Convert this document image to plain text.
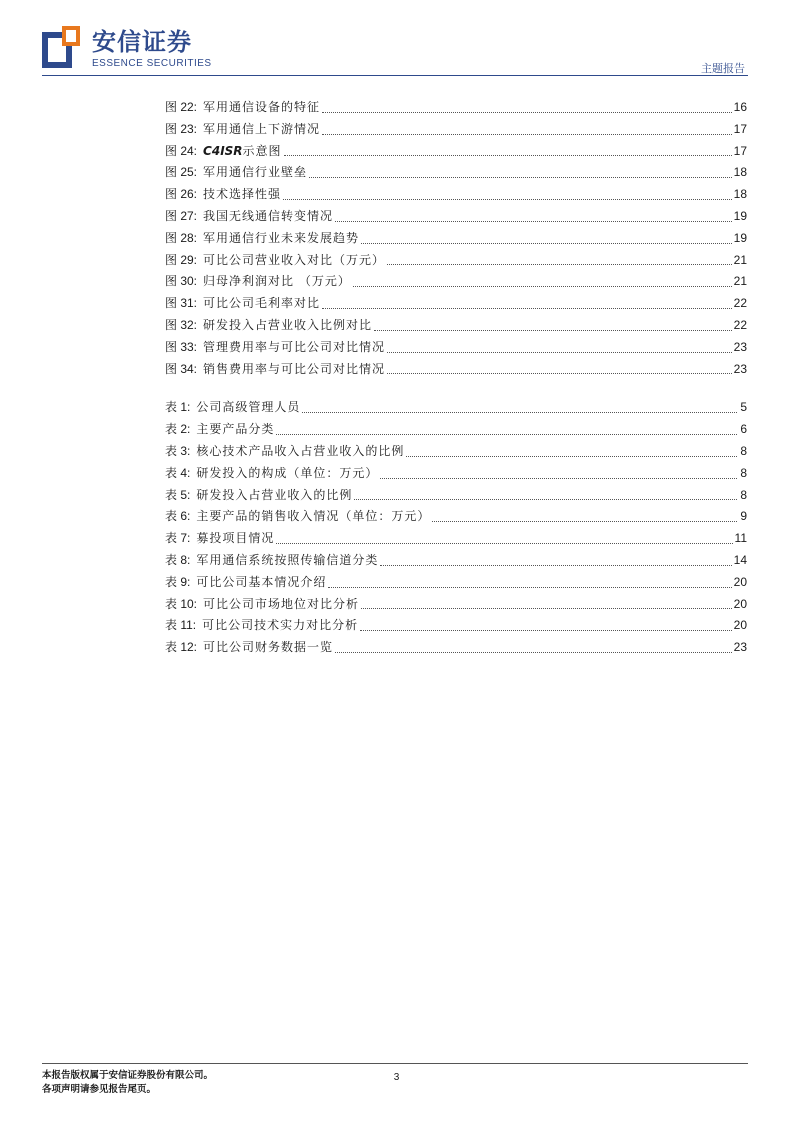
安信证券
ESSENCE SECURITIES	主题报告
图 22: 军用通信设备的特征	16
图 23: 军用通信上下游情况	17
图 24: C4ISR示意图	17
图 25: 军用通信行业壁垒	18
图 26: 技术选择性强	18
图 27: 我国无线通信转变情况	19
图 28: 军用通信行业未来发展趋势	19
图 29: 可比公司营业收入对比（万元）	21
图 30: 归母净利润对比 （万元）	21
图 31: 可比公司毛利率对比	22
图 32: 研发投入占营业收入比例对比	22
图 33: 管理费用率与可比公司对比情况	23
图 34: 销售费用率与可比公司对比情况	23
表 1: 公司高级管理人员	5
表 2: 主要产品分类	6
表 3: 核心技术产品收入占营业收入的比例	8
表 4: 研发投入的构成（单位：万元）	8
表 5: 研发投入占营业收入的比例	8
表 6: 主要产品的销售收入情况（单位：万元）	9
表 7: 募投项目情况	11
表 8: 军用通信系统按照传输信道分类	14
表 9: 可比公司基本情况介绍	20
表 10: 可比公司市场地位对比分析	20
表 11: 可比公司技术实力对比分析	20
表 12: 可比公司财务数据一览	23
本报告版权属于安信证券股份有限公司。
各项声明请参见报告尾页。
3
